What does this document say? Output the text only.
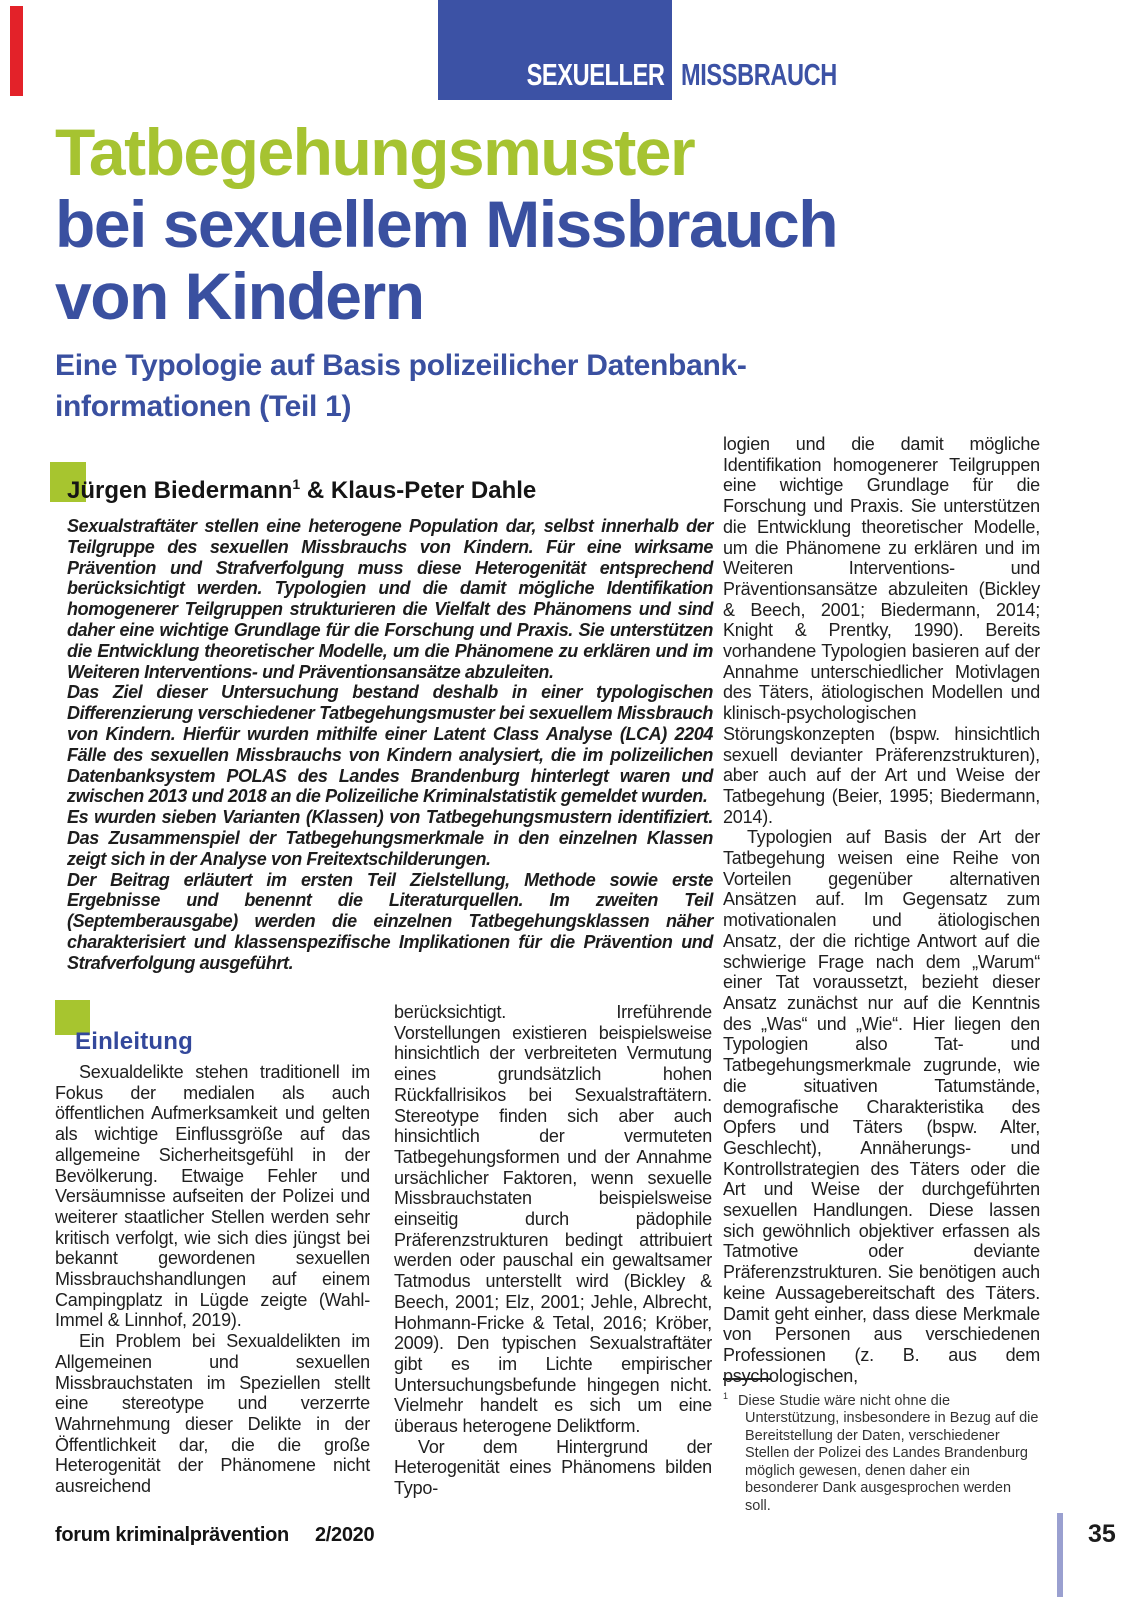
SEXUELLER MISSBRAUCH
Tatbegehungsmuster
bei sexuellem Missbrauch
von Kindern
Eine Typologie auf Basis polizeilicher Datenbank-
informationen (Teil 1)
Jürgen Biedermann$^1$ & Klaus-Peter Dahle

Sexualstraftäter stellen eine heterogene Population dar, selbst innerhalb der Teilgruppe des sexuellen Missbrauchs von Kindern. Für eine wirksame Prävention und Strafverfolgung muss diese Heterogenität entsprechend berücksichtigt werden. Typologien und die damit mögliche Identifikation homogenerer Teilgruppen strukturieren die Vielfalt des Phänomens und sind daher eine wichtige Grundlage für die Forschung und Praxis. Sie unterstützen die Entwicklung theoretischer Modelle, um die Phänomene zu erklären und im Weiteren Interventions- und Präventionsansätze abzuleiten.

Das Ziel dieser Untersuchung bestand deshalb in einer typologischen Differenzierung verschiedener Tatbegehungsmuster bei sexuellem Missbrauch von Kindern. Hierfür wurden mithilfe einer Latent Class Analyse (LCA) 2204 Fälle des sexuellen Missbrauchs von Kindern analysiert, die im polizeilichen Datenbanksystem POLAS des Landes Brandenburg hinterlegt waren und zwischen 2013 und 2018 an die Polizeiliche Kriminalstatistik gemeldet wurden.

Es wurden sieben Varianten (Klassen) von Tatbegehungsmustern identifiziert. Das Zusammenspiel der Tatbegehungsmerkmale in den einzelnen Klassen zeigt sich in der Analyse von Freitextschilderungen.

Der Beitrag erläutert im ersten Teil Zielstellung, Methode sowie erste Ergebnisse und benennt die Literaturquellen. Im zweiten Teil (Septemberausgabe) werden die einzelnen Tatbegehungsklassen näher charakterisiert und klassenspezifische Implikationen für die Prävention und Strafverfolgung ausgeführt.

Einleitung

Sexualdelikte stehen traditionell im Fokus der medialen als auch öffentlichen Aufmerksamkeit und gelten als wichtige Einflussgröße auf das allgemeine Sicherheitsgefühl in der Bevölkerung. Etwaige Fehler und Versäumnisse aufseiten der Polizei und weiterer staatlicher Stellen werden sehr kritisch verfolgt, wie sich dies jüngst bei bekannt gewordenen sexuellen Missbrauchshandlungen auf einem Campingplatz in Lügde zeigte (Wahl-Immel & Linnhof, 2019).

Ein Problem bei Sexualdelikten im Allgemeinen und sexuellen Missbrauchstaten im Speziellen stellt eine stereotype und verzerrte Wahrnehmung dieser Delikte in der Öffentlichkeit dar, die die große Heterogenität der Phänomene nicht ausreichend

berücksichtigt. Irreführende Vorstellungen existieren beispielsweise hinsichtlich der verbreiteten Vermutung eines grundsätzlich hohen Rückfallrisikos bei Sexualstraftätern. Stereotype finden sich aber auch hinsichtlich der vermuteten Tatbegehungsformen und der Annahme ursächlicher Faktoren, wenn sexuelle Missbrauchstaten beispielsweise einseitig durch pädophile Präferenzstrukturen bedingt attribuiert werden oder pauschal ein gewaltsamer Tatmodus unterstellt wird (Bickley & Beech, 2001; Elz, 2001; Jehle, Albrecht, Hohmann-Fricke & Tetal, 2016; Kröber, 2009). Den typischen Sexualstraftäter gibt es im Lichte empirischer Untersuchungsbefunde hingegen nicht. Vielmehr handelt es sich um eine überaus heterogene Deliktform.

Vor dem Hintergrund der Heterogenität eines Phänomens bilden Typo-

logien und die damit mögliche Identifikation homogenerer Teilgruppen eine wichtige Grundlage für die Forschung und Praxis. Sie unterstützen die Entwicklung theoretischer Modelle, um die Phänomene zu erklären und im Weiteren Interventions- und Präventionsansätze abzuleiten (Bickley & Beech, 2001; Biedermann, 2014; Knight & Prentky, 1990). Bereits vorhandene Typologien basieren auf der Annahme unterschiedlicher Motivlagen des Täters, ätiologischen Modellen und klinisch-psychologischen Störungskonzepten (bspw. hinsichtlich sexuell devianter Präferenzstrukturen), aber auch auf der Art und Weise der Tatbegehung (Beier, 1995; Biedermann, 2014).

Typologien auf Basis der Art der Tatbegehung weisen eine Reihe von Vorteilen gegenüber alternativen Ansätzen auf. Im Gegensatz zum motivationalen und ätiologischen Ansatz, der die richtige Antwort auf die schwierige Frage nach dem „Warum“ einer Tat voraussetzt, bezieht dieser Ansatz zunächst nur auf die Kenntnis des „Was“ und „Wie“. Hier liegen den Typologien also Tat- und Tatbegehungsmerkmale zugrunde, wie die situativen Tatumstände, demografische Charakteristika des Opfers und Täters (bspw. Alter, Geschlecht), Annäherungs- und Kontrollstrategien des Täters oder die Art und Weise der durchgeführten sexuellen Handlungen. Diese lassen sich gewöhnlich objektiver erfassen als Tatmotive oder deviante Präferenzstrukturen. Sie benötigen auch keine Aussagebereitschaft des Täters. Damit geht einher, dass diese Merkmale von Personen aus verschiedenen Professionen (z. B. aus dem psychologischen,

$^1$ Diese Studie wäre nicht ohne die Unterstützung, insbesondere in Bezug auf die Bereitstellung der Daten, verschiedener Stellen der Polizei des Landes Brandenburg möglich gewesen, denen daher ein besonderer Dank ausgesprochen werden soll.
forum kriminalprävention 2/2020	35
